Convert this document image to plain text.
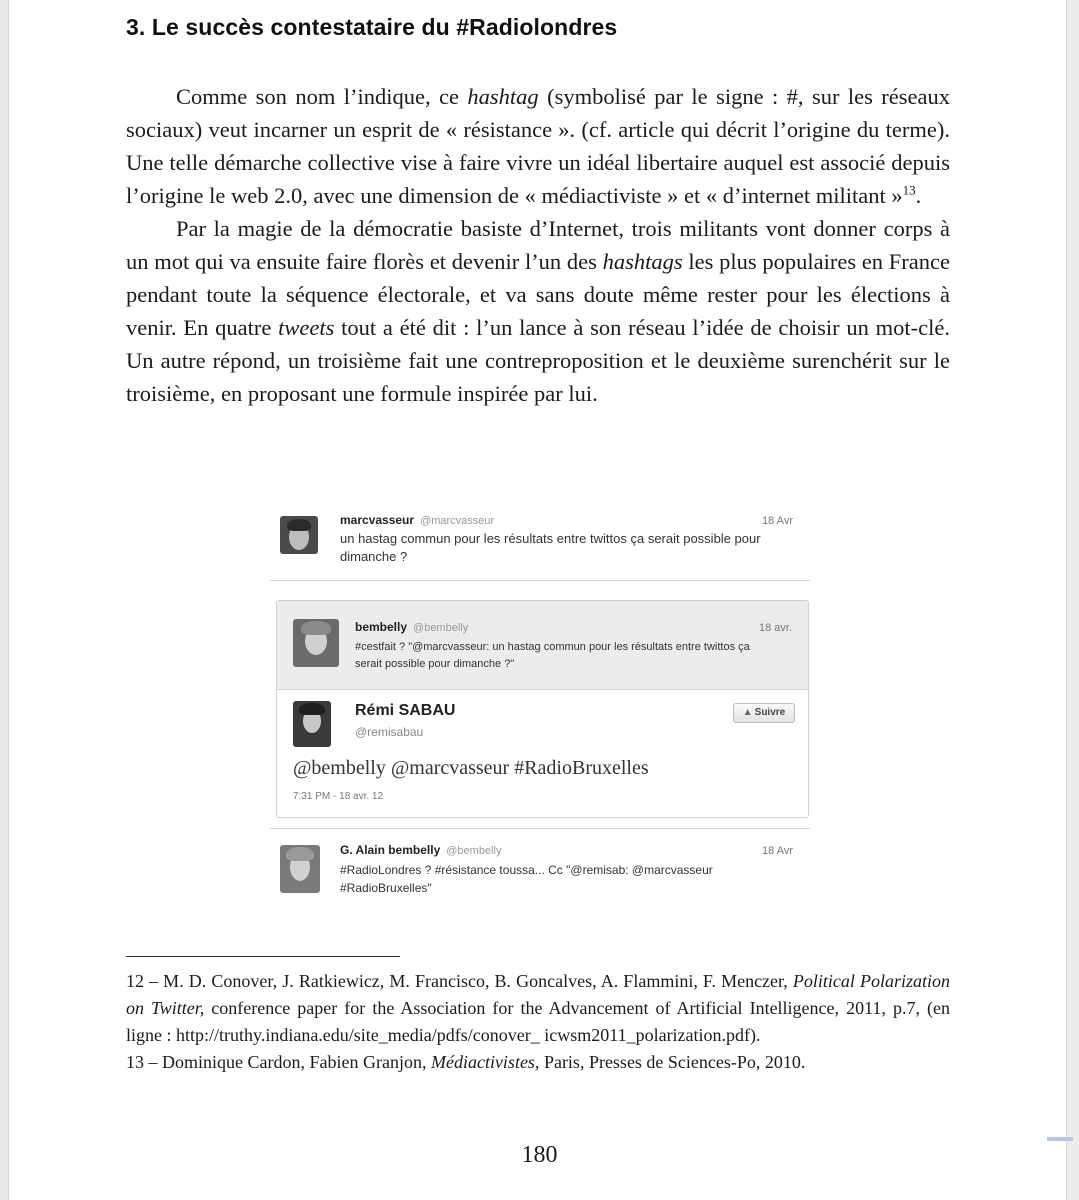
3. Le succès contestataire du #Radiolondres

Comme son nom l’indique, ce hashtag (symbolisé par le signe : #, sur les réseaux sociaux) veut incarner un esprit de « résistance ». (cf. article qui décrit l’origine du terme). Une telle démarche collective vise à faire vivre un idéal libertaire auquel est associé depuis l’origine le web 2.0, avec une dimension de « médiactiviste » et « d’internet militant »$^{13}$.

Par la magie de la démocratie basiste d’Internet, trois militants vont donner corps à un mot qui va ensuite faire florès et devenir l’un des hashtags les plus populaires en France pendant toute la séquence électorale, et va sans doute même rester pour les élections à venir. En quatre tweets tout a été dit : l’un lance à son réseau l’idée de choisir un mot-clé. Un autre répond, un troisième fait une contreproposition et le deuxième surenchérit sur le troisième, en proposant une formule inspirée par lui.

marcvasseur @marcvasseur	18 Avr
un hastag commun pour les résultats entre twittos ça serait possible pour dimanche ?
bembelly @bembelly	18 avr.
#cestfait ? "@marcvasseur: un hastag commun pour les résultats entre twittos ça serait possible pour dimanche ?"
Rémi SABAU
@remisabau
▲ Suivre
@bembelly @marcvasseur #RadioBruxelles
7:31 PM - 18 avr. 12
G. Alain bembelly @bembelly	18 Avr
#RadioLondres ? #résistance toussa... Cc "@remisab: @marcvasseur #RadioBruxelles"

12 – M. D. Conover, J. Ratkiewicz, M. Francisco, B. Goncalves, A. Flammini, F. Menczer, Political Polarization on Twitter, conference paper for the Association for the Advancement of Artificial Intelligence, 2011, p.7, (en ligne : http://truthy.indiana.edu/site_media/pdfs/conover_ icwsm2011_polarization.pdf).

13 – Dominique Cardon, Fabien Granjon, Médiactivistes, Paris, Presses de Sciences-Po, 2010.

180
